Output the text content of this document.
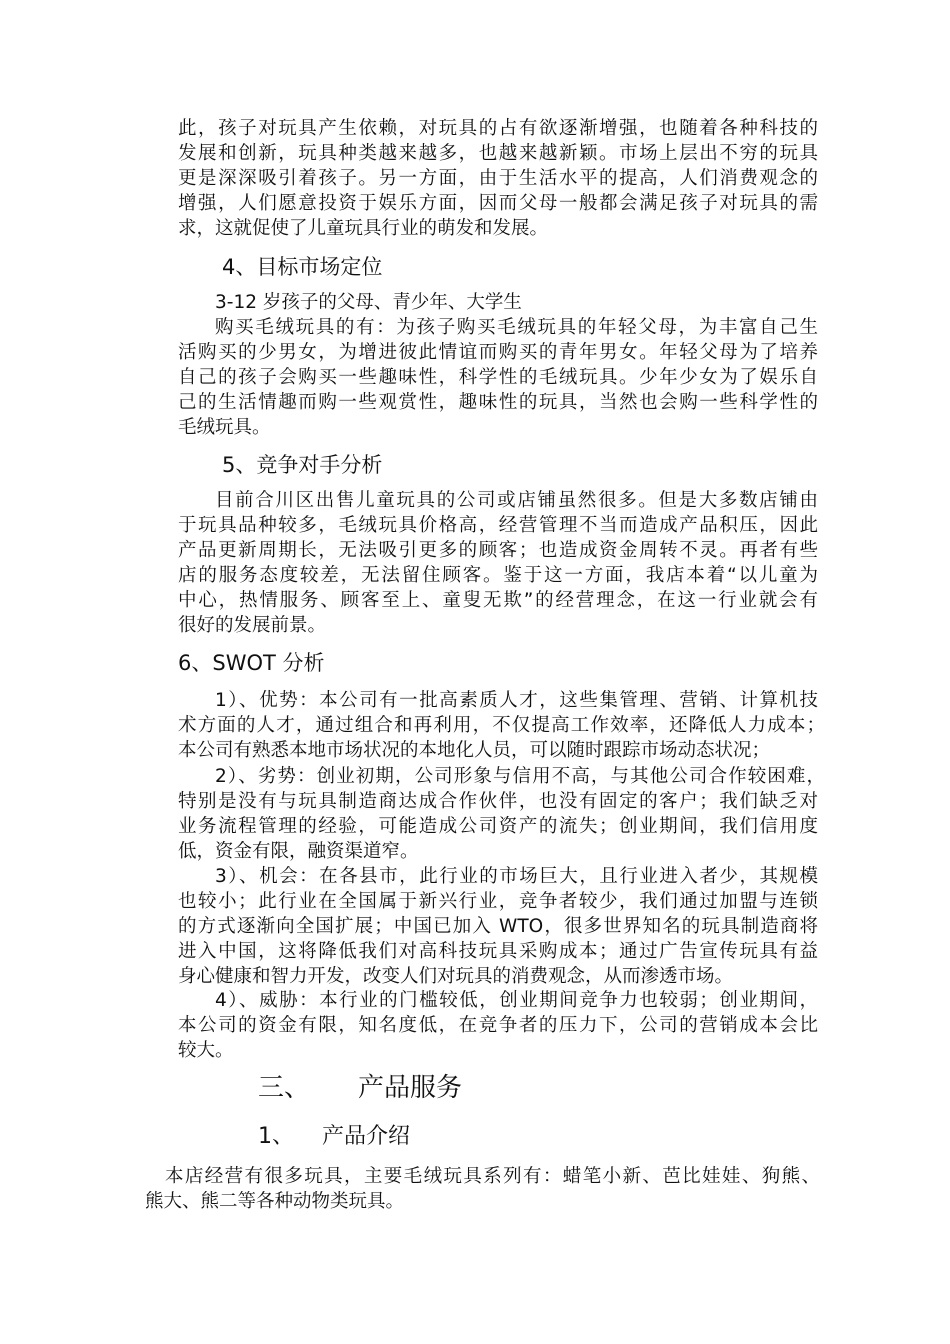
此，孩子对玩具产生依赖，对玩具的占有欲逐渐增强，也随着各种科技的
发展和创新，玩具种类越来越多，也越来越新颖。市场上层出不穷的玩具
更是深深吸引着孩子。另一方面，由于生活水平的提高，人们消费观念的
增强，人们愿意投资于娱乐方面，因而父母一般都会满足孩子对玩具的需
求，这就促使了儿童玩具行业的萌发和发展。
4、目标市场定位
3-12 岁孩子的父母、青少年、大学生
购买毛绒玩具的有：为孩子购买毛绒玩具的年轻父母，为丰富自己生
活购买的少男女，为增进彼此情谊而购买的青年男女。年轻父母为了培养
自己的孩子会购买一些趣味性，科学性的毛绒玩具。少年少女为了娱乐自
己的生活情趣而购一些观赏性，趣味性的玩具，当然也会购一些科学性的
毛绒玩具。
5、竞争对手分析
目前合川区出售儿童玩具的公司或店铺虽然很多。但是大多数店铺由
于玩具品种较多，毛绒玩具价格高，经营管理不当而造成产品积压，因此
产品更新周期长，无法吸引更多的顾客；也造成资金周转不灵。再者有些
店的服务态度较差，无法留住顾客。鉴于这一方面，我店本着“以儿童为
中心，热情服务、顾客至上、童叟无欺”的经营理念，在这一行业就会有
很好的发展前景。
6、SWOT 分析
1）、优势：本公司有一批高素质人才，这些集管理、营销、计算机技
术方面的人才，通过组合和再利用，不仅提高工作效率，还降低人力成本；
本公司有熟悉本地市场状况的本地化人员，可以随时跟踪市场动态状况；
2）、劣势：创业初期，公司形象与信用不高，与其他公司合作较困难，
特别是没有与玩具制造商达成合作伙伴，也没有固定的客户；我们缺乏对
业务流程管理的经验，可能造成公司资产的流失；创业期间，我们信用度
低，资金有限，融资渠道窄。
3）、机会：在各县市，此行业的市场巨大，且行业进入者少，其规模
也较小；此行业在全国属于新兴行业，竞争者较少，我们通过加盟与连锁
的方式逐渐向全国扩展；中国已加入 WTO，很多世界知名的玩具制造商将
进入中国，这将降低我们对高科技玩具采购成本；通过广告宣传玩具有益
身心健康和智力开发，改变人们对玩具的消费观念，从而渗透市场。
4）、威胁：本行业的门槛较低，创业期间竞争力也较弱；创业期间，
本公司的资金有限，知名度低，在竞争者的压力下，公司的营销成本会比
较大。
三、 产品服务
1、 产品介绍
本店经营有很多玩具，主要毛绒玩具系列有：蜡笔小新、芭比娃娃、狗熊、
熊大、熊二等各种动物类玩具。
